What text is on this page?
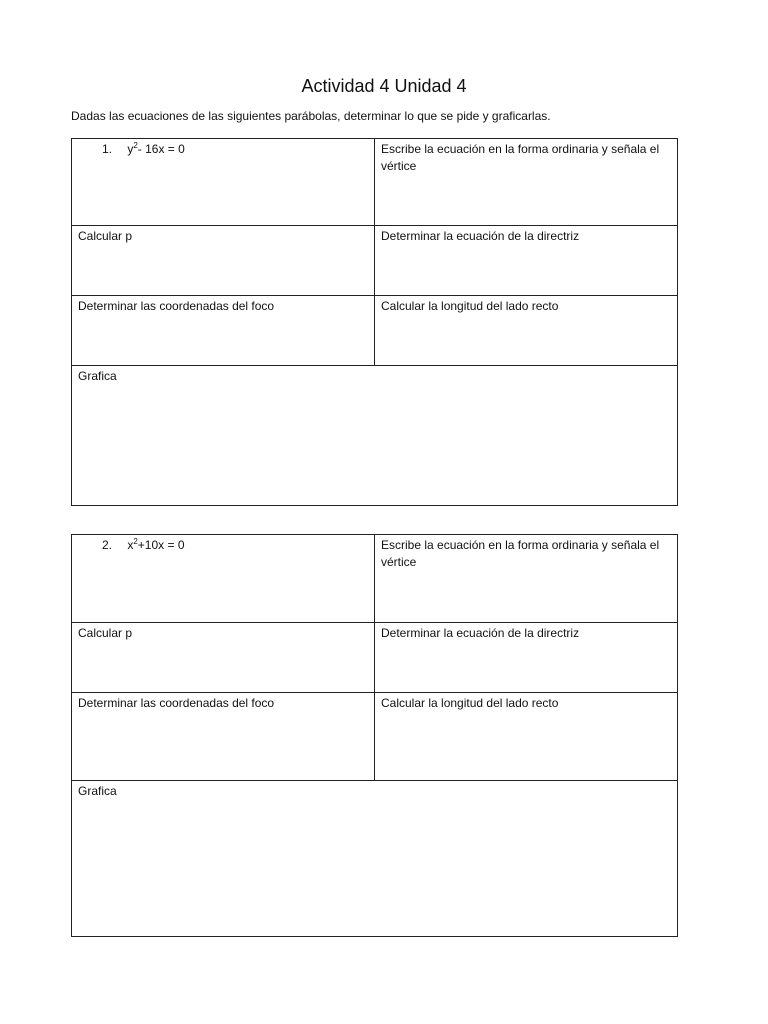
Actividad 4 Unidad 4
Dadas las ecuaciones de las siguientes parábolas, determinar lo que se pide y graficarlas.
1. $y^2-$ 16x = 0	Escribe la ecuación en la forma ordinaria y señala el vértice
Calcular p	Determinar la ecuación de la directriz
Determinar las coordenadas del foco	Calcular la longitud del lado recto
Grafica	
2. $x^2+10x = 0$	Escribe la ecuación en la forma ordinaria y señala el vértice
Calcular p	Determinar la ecuación de la directriz
Determinar las coordenadas del foco	Calcular la longitud del lado recto
Grafica	
